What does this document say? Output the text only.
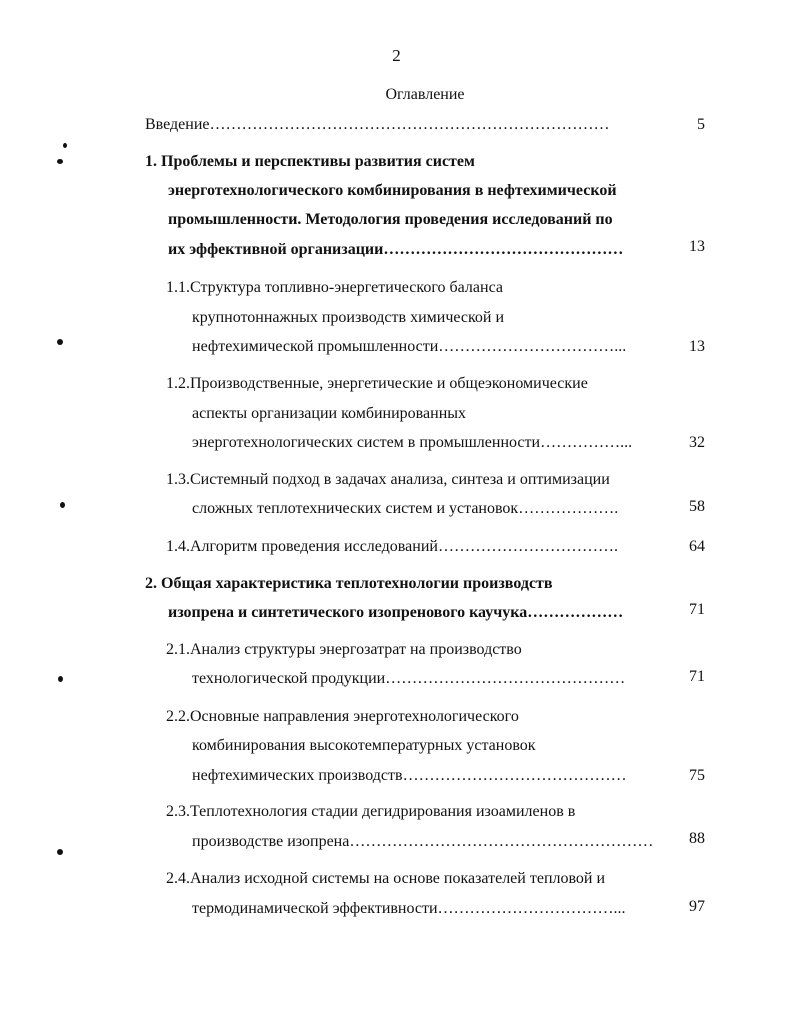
2
Оглавление
Введение…………………………………………………………………	5
1. Проблемы и перспективы развития систем
энерготехнологического комбинирования в нефтехимической
промышленности. Методология проведения исследований по
их эффективной организации………………………………………	13
1.1.Структура топливно-энергетического баланса
крупнотоннажных производств химической и
нефтехимической промышленности……………………………...	13
1.2.Производственные, энергетические и общеэкономические
аспекты организации комбинированных
энерготехнологических систем в промышленности……………...	32
1.3.Системный подход в задачах анализа, синтеза и оптимизации
сложных теплотехнических систем и установок……………….	58
1.4.Алгоритм проведения исследований…………………………….	64
2. Общая характеристика теплотехнологии производств
изопрена и синтетического изопренового каучука………………	71
2.1.Анализ структуры энергозатрат на производство
технологической продукции………………………………………	71
2.2.Основные направления энерготехнологического
комбинирования высокотемпературных установок
нефтехимических производств……………………………………	75
2.3.Теплотехнология стадии дегидрирования изоамиленов в
производстве изопрена…………………………………………………	88
2.4.Анализ исходной системы на основе показателей тепловой и
термодинамической эффективности……………………………...	97
